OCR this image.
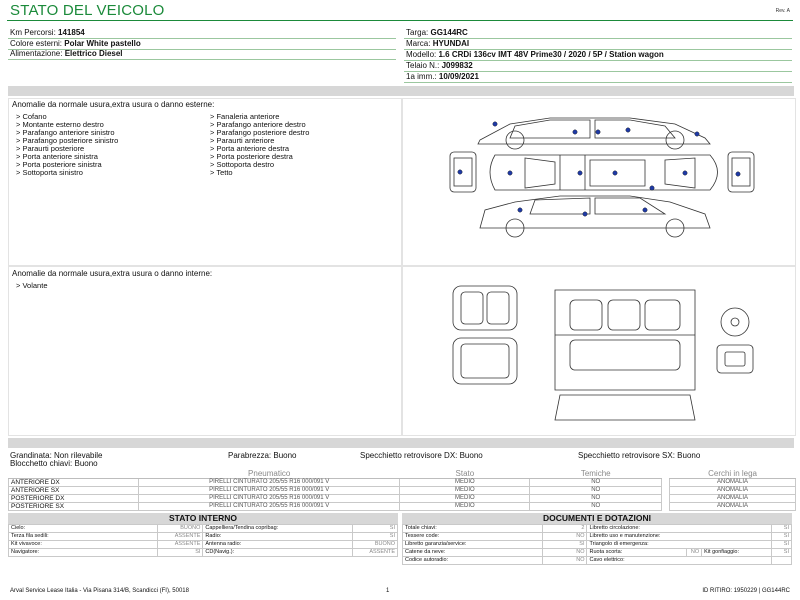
STATO DEL VEICOLO	Rev. A
Km Percorsi: 141854
Colore esterni: Polar White pastello
Alimentazione: Elettrico Diesel
Targa: GG144RC
Marca: HYUNDAI
Modello: 1.6 CRDi 136cv IMT 48V Prime30 / 2020 / 5P / Station wagon
Telaio N.: J099832
1a imm.: 10/09/2021
Anomalie da normale usura,extra usura o danno esterne:
> Cofano
> Montante esterno destro
> Parafango anteriore sinistro
> Parafango posteriore sinistro
> Paraurti posteriore
> Porta anteriore sinistra
> Porta posteriore sinistra
> Sottoporta sinistro
> Fanaleria anteriore
> Parafango anteriore destro
> Parafango posteriore destro
> Paraurti anteriore
> Porta anteriore destra
> Porta posteriore destra
> Sottoporta destro
> Tetto
Anomalie da normale usura,extra usura o danno interne:
> Volante
Grandinata: Non rilevabile	Parabrezza: Buono	Specchietto retrovisore DX: Buono	Specchietto retrovisore SX: Buono
Blocchetto chiavi: Buono
	Pneumatico	Stato	Temiche		Cerchi in lega
ANTERIORE DX	PIRELLI CINTURATO 205/55 R16 000/091 V	MEDIO	NO		ANOMALIA
ANTERIORE SX	PIRELLI CINTURATO 205/55 R16 000/091 V	MEDIO	NO		ANOMALIA
POSTERIORE DX	PIRELLI CINTURATO 205/55 R16 000/091 V	MEDIO	NO		ANOMALIA
POSTERIORE SX	PIRELLI CINTURATO 205/55 R16 000/091 V	MEDIO	NO		ANOMALIA
STATO INTERNO
Cielo:	BUONO	Cappelliera/Tendina copribag:	SI
Terza fila sedili:	ASSENTE	Radio:	SI
Kit vivavoce:	ASSENTE	Antenna radio:	BUONO
Navigatore:	SI	CD(Navig.):	ASSENTE
DOCUMENTI E DOTAZIONI
Totale chiavi:	2	Libretto circolazione:			SI
Tessere code:	NO	Libretto uso e manutenzione:			SI
Libretto garanzia/service:	SI	Triangolo di emergenza:			SI
Catene da neve:	NO	Ruota scorta:	NO	Kit gonfiaggio:	SI
Codice autoradio:	NO	Cavo elettrico:			
Arval Service Lease Italia - Via Pisana 314/B, Scandicci (FI), 50018	1	ID RITIRO: 1950229 | GG144RC
